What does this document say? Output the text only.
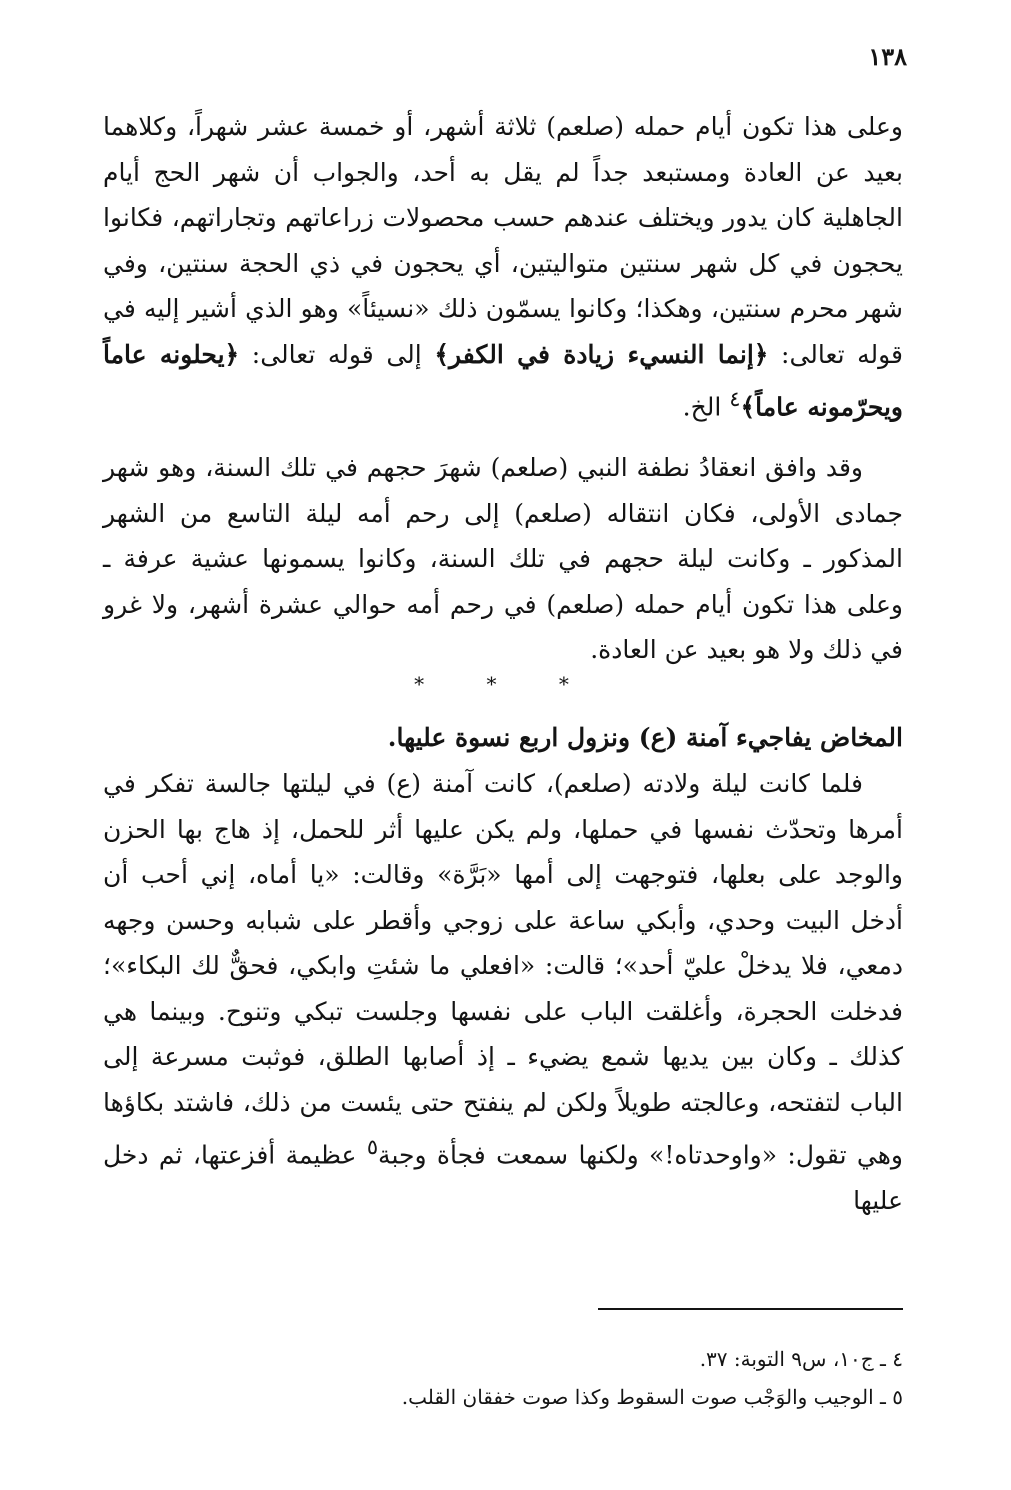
١٣٨

وعلى هذا تكون أيام حمله (صلعم) ثلاثة أشهر، أو خمسة عشر شهراً، وكلاهما بعيد عن العادة ومستبعد جداً لم يقل به أحد، والجواب أن شهر الحج أيام الجاهلية كان يدور ويختلف عندهم حسب محصولات زراعاتهم وتجاراتهم، فكانوا يحجون في كل شهر سنتين متواليتين، أي يحجون في ذي الحجة سنتين، وفي شهر محرم سنتين، وهكذا؛ وكانوا يسمّون ذلك «نسيئاً» وهو الذي أشير إليه في قوله تعالى: ﴿إنما النسيء زيادة في الكفر﴾ إلى قوله تعالى: ﴿يحلونه عاماً ويحرّمونه عاماً﴾$^٤$ الخ.

وقد وافق انعقادُ نطفة النبي (صلعم) شهرَ حجهم في تلك السنة، وهو شهر جمادى الأولى، فكان انتقاله (صلعم) إلى رحم أمه ليلة التاسع من الشهر المذكور ـ وكانت ليلة حجهم في تلك السنة، وكانوا يسمونها عشية عرفة ـ وعلى هذا تكون أيام حمله (صلعم) في رحم أمه حوالي عشرة أشهر، ولا غرو في ذلك ولا هو بعيد عن العادة.

* * *
المخاض يفاجيء آمنة (ع) ونزول اربع نسوة عليها.

فلما كانت ليلة ولادته (صلعم)، كانت آمنة (ع) في ليلتها جالسة تفكر في أمرها وتحدّث نفسها في حملها، ولم يكن عليها أثر للحمل، إذ هاج بها الحزن والوجد على بعلها، فتوجهت إلى أمها «بَرَّة» وقالت: «يا أماه، إني أحب أن أدخل البيت وحدي، وأبكي ساعة على زوجي وأقطر على شبابه وحسن وجهه دمعي، فلا يدخلْ عليّ أحد»؛ قالت: «افعلي ما شئتِ وابكي، فحقٌّ لك البكاء»؛ فدخلت الحجرة، وأغلقت الباب على نفسها وجلست تبكي وتنوح. وبينما هي كذلك ـ وكان بين يديها شمع يضيء ـ إذ أصابها الطلق، فوثبت مسرعة إلى الباب لتفتحه، وعالجته طويلاً ولكن لم ينفتح حتى يئست من ذلك، فاشتد بكاؤها وهي تقول: «واوحدتاه!» ولكنها سمعت فجأة وجبة$^٥$ عظيمة أفزعتها، ثم دخل عليها

٤ ـ ج١٠، س٩ التوبة: ٣٧.

٥ ـ الوجيب والوَجْب صوت السقوط وكذا صوت خفقان القلب.
